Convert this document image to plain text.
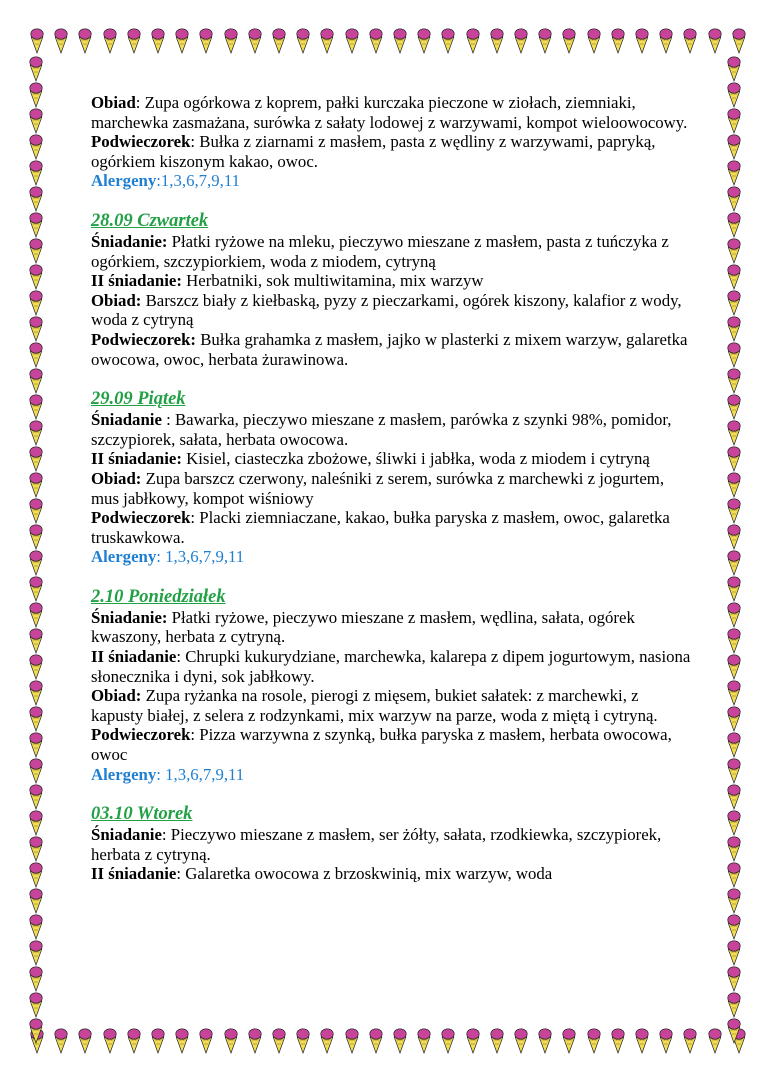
Obiad: Zupa ogórkowa z koprem, pałki kurczaka pieczone w ziołach, ziemniaki, marchewka zasmażana, surówka z sałaty lodowej z warzywami, kompot wieloowocowy.

Podwieczorek: Bułka z ziarnami z masłem, pasta z wędliny z warzywami, papryką, ogórkiem kiszonym kakao, owoc.

Alergeny:1,3,6,7,9,11

28.09 Czwartek

Śniadanie: Płatki ryżowe na mleku, pieczywo mieszane z masłem, pasta z tuńczyka z ogórkiem, szczypiorkiem, woda z miodem, cytryną

II śniadanie: Herbatniki, sok multiwitamina, mix warzyw

Obiad: Barszcz biały z kiełbaską, pyzy z pieczarkami, ogórek kiszony, kalafior z wody, woda z cytryną

Podwieczorek: Bułka grahamka z masłem, jajko w plasterki z mixem warzyw, galaretka owocowa, owoc, herbata żurawinowa.

29.09 Piątek

Śniadanie : Bawarka, pieczywo mieszane z masłem, parówka z szynki 98%, pomidor, szczypiorek, sałata, herbata owocowa.

II śniadanie: Kisiel, ciasteczka zbożowe, śliwki i jabłka, woda z miodem i cytryną

Obiad: Zupa barszcz czerwony, naleśniki z serem, surówka z marchewki z jogurtem, mus jabłkowy, kompot wiśniowy

Podwieczorek: Placki ziemniaczane, kakao, bułka paryska z masłem, owoc, galaretka truskawkowa.

Alergeny: 1,3,6,7,9,11

2.10 Poniedziałek

Śniadanie: Płatki ryżowe, pieczywo mieszane z masłem, wędlina, sałata, ogórek kwaszony, herbata z cytryną.

II śniadanie: Chrupki kukurydziane, marchewka, kalarepa z dipem jogurtowym, nasiona słonecznika i dyni, sok jabłkowy.

Obiad: Zupa ryżanka na rosole, pierogi z mięsem, bukiet sałatek: z marchewki, z kapusty białej, z selera z rodzynkami, mix warzyw na parze, woda z miętą i cytryną.

Podwieczorek: Pizza warzywna z szynką, bułka paryska z masłem, herbata owocowa, owoc

Alergeny: 1,3,6,7,9,11

03.10 Wtorek

Śniadanie: Pieczywo mieszane z masłem, ser żółty, sałata, rzodkiewka, szczypiorek, herbata z cytryną.

II śniadanie: Galaretka owocowa z brzoskwinią, mix warzyw, woda
